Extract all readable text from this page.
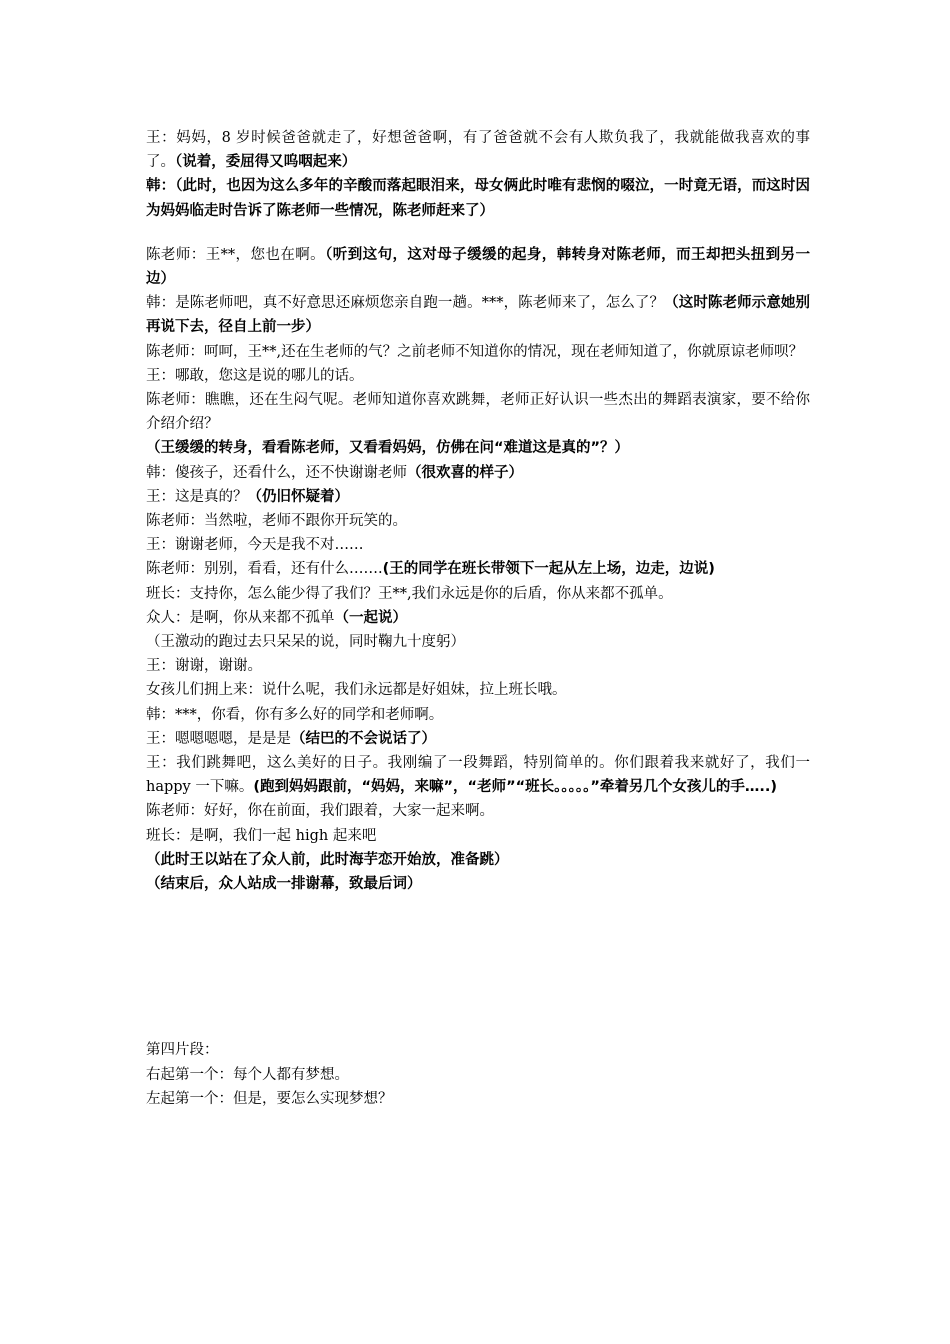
王：妈妈，8 岁时候爸爸就走了，好想爸爸啊，有了爸爸就不会有人欺负我了，我就能做我喜欢的事了。（说着，委屈得又呜咽起来）

韩：（此时，也因为这么多年的辛酸而落起眼泪来，母女俩此时唯有悲悯的啜泣，一时竟无语，而这时因为妈妈临走时告诉了陈老师一些情况，陈老师赶来了）

陈老师：王**，您也在啊。（听到这句，这对母子缓缓的起身，韩转身对陈老师，而王却把头扭到另一边）

韩：是陈老师吧，真不好意思还麻烦您亲自跑一趟。***，陈老师来了，怎么了？（这时陈老师示意她别再说下去，径自上前一步）

陈老师：呵呵，王**,还在生老师的气？之前老师不知道你的情况，现在老师知道了，你就原谅老师呗？

王：哪敢，您这是说的哪儿的话。

陈老师：瞧瞧，还在生闷气呢。老师知道你喜欢跳舞，老师正好认识一些杰出的舞蹈表演家，要不给你介绍介绍？

（王缓缓的转身，看看陈老师，又看看妈妈，仿佛在问“难道这是真的”？）

韩：傻孩子，还看什么，还不快谢谢老师（很欢喜的样子）

王：这是真的？（仍旧怀疑着）

陈老师：当然啦，老师不跟你开玩笑的。

王：谢谢老师，今天是我不对……

陈老师：别别，看看，还有什么…….(王的同学在班长带领下一起从左上场，边走，边说)

班长：支持你，怎么能少得了我们？王**,我们永远是你的后盾，你从来都不孤单。

众人：是啊，你从来都不孤单（一起说）

（王激动的跑过去只呆呆的说，同时鞠九十度躬）

王：谢谢，谢谢。

女孩儿们拥上来：说什么呢，我们永远都是好姐妹，拉上班长哦。

韩：***，你看，你有多么好的同学和老师啊。

王：嗯嗯嗯嗯，是是是（结巴的不会说话了）

王：我们跳舞吧，这么美好的日子。我刚编了一段舞蹈，特别简单的。你们跟着我来就好了，我们一 happy 一下嘛。(跑到妈妈跟前，“妈妈，来嘛”，“老师”“班长。。。。。”牵着另几个女孩儿的手…..)

陈老师：好好，你在前面，我们跟着，大家一起来啊。

班长：是啊，我们一起 high 起来吧

（此时王以站在了众人前，此时海芋恋开始放，准备跳）

（结束后，众人站成一排谢幕，致最后词）

第四片段：

右起第一个：每个人都有梦想。

左起第一个：但是，要怎么实现梦想？
